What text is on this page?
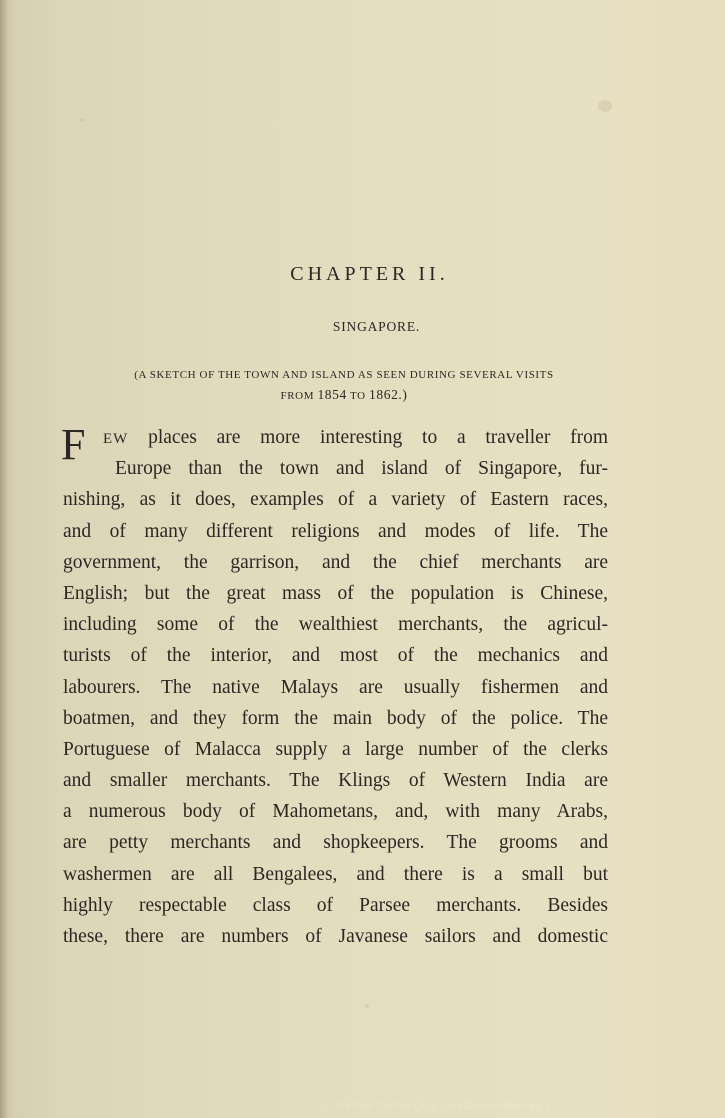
CHAPTER II.
SINGAPORE.
(A SKETCH OF THE TOWN AND ISLAND AS SEEN DURING SEVERAL VISITS
FROM 1854 TO 1862.)
F	EW places are more interesting to a traveller from
Europe than the town and island of Singapore, fur-
nishing, as it does, examples of a variety of Eastern races,
and of many different religions and modes of life. The
government, the garrison, and the chief merchants are
English; but the great mass of the population is Chinese,
including some of the wealthiest merchants, the agricul-
turists of the interior, and most of the mechanics and
labourers. The native Malays are usually fishermen and
boatmen, and they form the main body of the police. The
Portuguese of Malacca supply a large number of the clerks
and smaller merchants. The Klings of Western India are
a numerous body of Mahometans, and, with many Arabs,
are petty merchants and shopkeepers. The grooms and
washermen are all Bengalees, and there is a small but
highly respectable class of Parsee merchants. Besides
these, there are numbers of Javanese sailors and domestic
© Wallace Online (http://wallace-online.org/)
